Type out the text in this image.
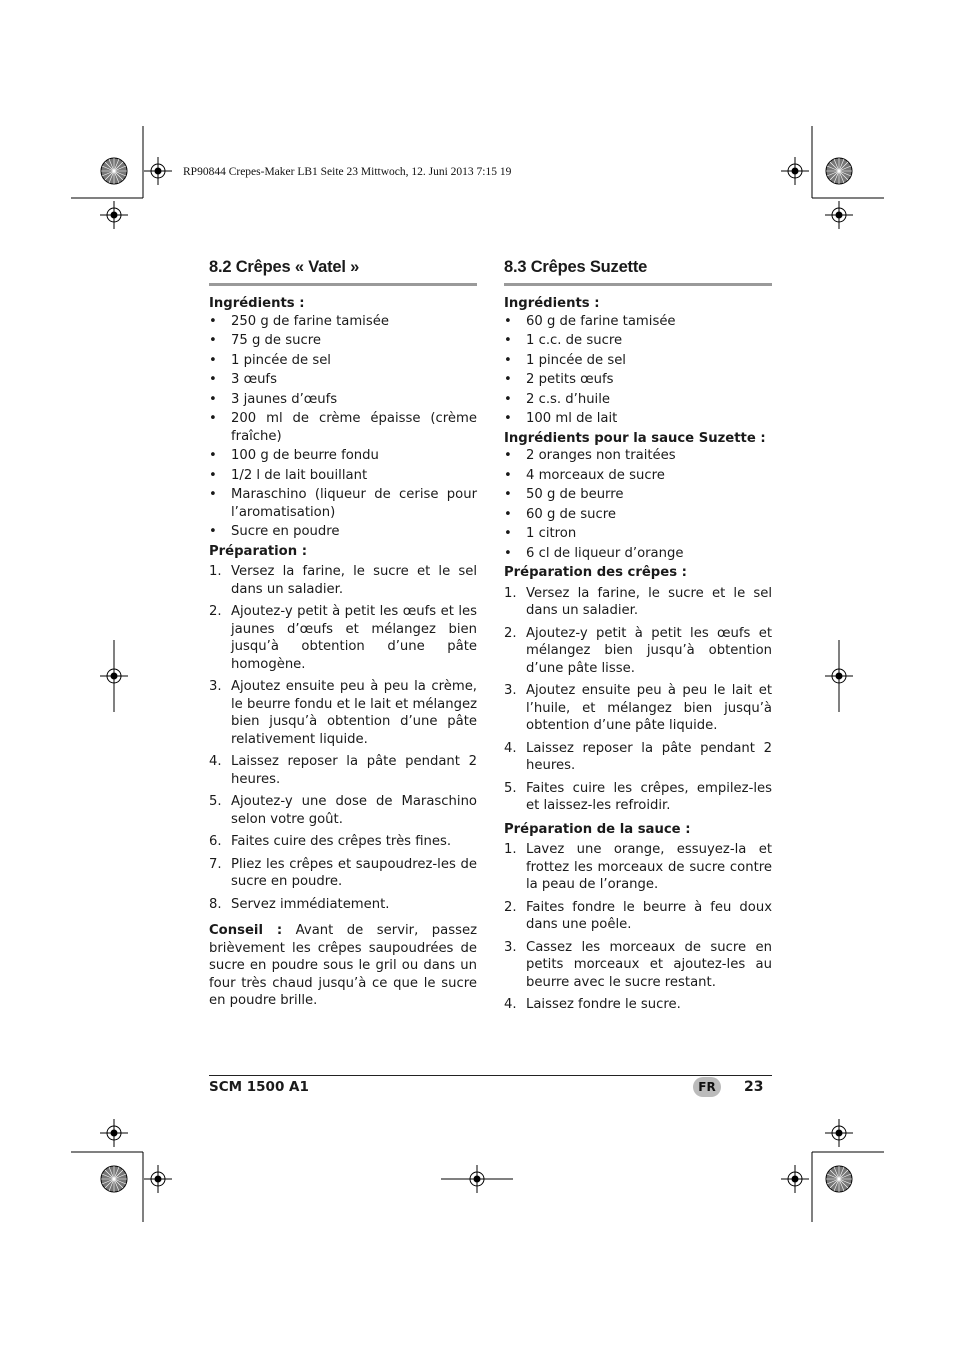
RP90844 Crepes-Maker LB1 Seite 23 Mittwoch, 12. Juni 2013 7:15 19
8.2 Crêpes « Vatel »

Ingrédients :

• 250 g de farine tamisée
• 75 g de sucre
• 1 pincée de sel
• 3 œufs
• 3 jaunes d’œufs
• 200 ml de crème épaisse (crème fraîche)
• 100 g de beurre fondu
• 1/2 l de lait bouillant
• Maraschino (liqueur de cerise pour l’aromatisation)
• Sucre en poudre

Préparation :

1. Versez la farine, le sucre et le sel dans un saladier.
2. Ajoutez-y petit à petit les œufs et les jaunes d’œufs et mélangez bien jusqu’à obtention d’une pâte homogène.
3. Ajoutez ensuite peu à peu la crème, le beurre fondu et le lait et mélangez bien jusqu’à obtention d’une pâte relativement liquide.
4. Laissez reposer la pâte pendant 2 heures.
5. Ajoutez-y une dose de Maraschino selon votre goût.
6. Faites cuire des crêpes très fines.
7. Pliez les crêpes et saupoudrez-les de sucre en poudre.
8. Servez immédiatement.

Conseil : Avant de servir, passez brièvement les crêpes saupoudrées de sucre en poudre sous le gril ou dans un four très chaud jusqu’à ce que le sucre en poudre brille.

8.3 Crêpes Suzette

Ingrédients :

• 60 g de farine tamisée
• 1 c.c. de sucre
• 1 pincée de sel
• 2 petits œufs
• 2 c.s. d’huile
• 100 ml de lait

Ingrédients pour la sauce Suzette :

• 2 oranges non traitées
• 4 morceaux de sucre
• 50 g de beurre
• 60 g de sucre
• 1 citron
• 6 cl de liqueur d’orange

Préparation des crêpes :

1. Versez la farine, le sucre et le sel dans un saladier.
2. Ajoutez-y petit à petit les œufs et mélangez bien jusqu’à obtention d’une pâte lisse.
3. Ajoutez ensuite peu à peu le lait et l’huile, et mélangez bien jusqu’à obtention d’une pâte liquide.
4. Laissez reposer la pâte pendant 2 heures.
5. Faites cuire les crêpes, empilez-les et laissez-les refroidir.

Préparation de la sauce :

1. Lavez une orange, essuyez-la et frottez les morceaux de sucre contre la peau de l’orange.
2. Faites fondre le beurre à feu doux dans une poêle.
3. Cassez les morceaux de sucre en petits morceaux et ajoutez-les au beurre avec le sucre restant.
4. Laissez fondre le sucre.
SCM 1500 A1	FR	23
